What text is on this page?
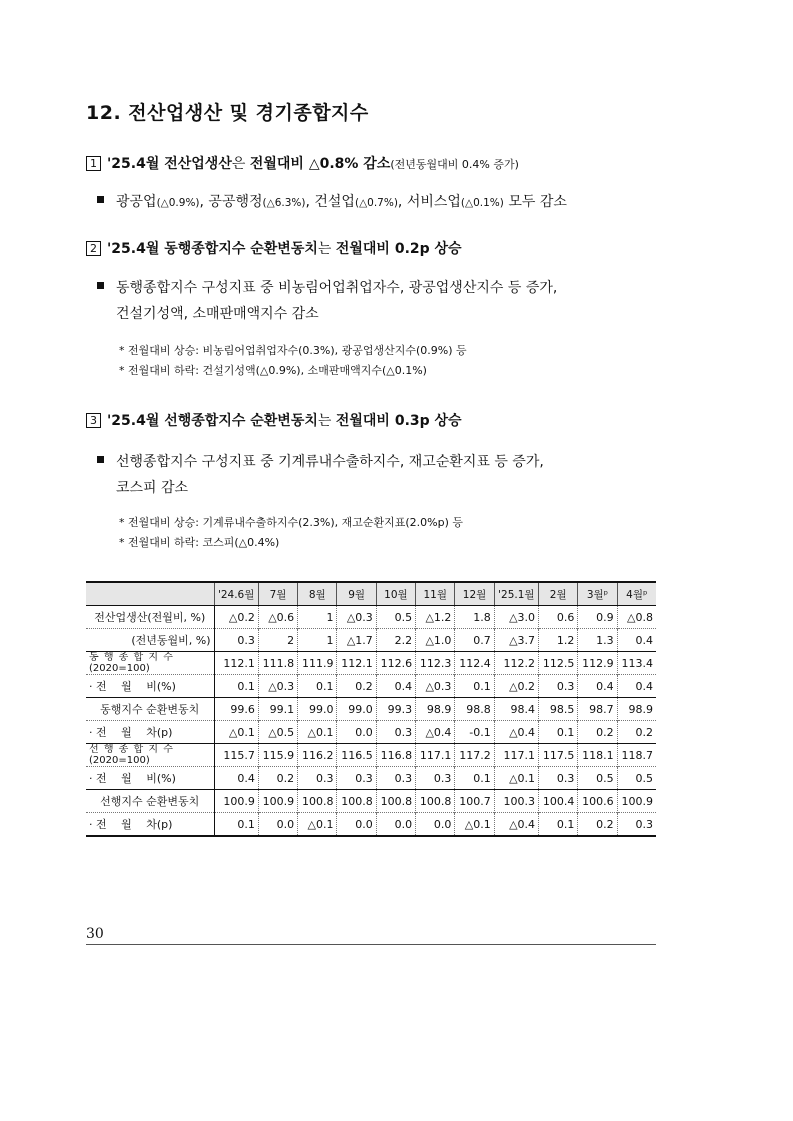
12. 전산업생산 및 경기종합지수
1 '25.4월 전산업생산은 전월대비 △0.8% 감소(전년동월대비 0.4% 증가)
광공업(△0.9%), 공공행정(△6.3%), 건설업(△0.7%), 서비스업(△0.1%) 모두 감소
2 '25.4월 동행종합지수 순환변동치는 전월대비 0.2p 상승
동행종합지수 구성지표 중 비농림어업취업자수, 광공업생산지수 등 증가,
건설기성액, 소매판매액지수 감소
* 전월대비 상승: 비농림어업취업자수(0.3%), 광공업생산지수(0.9%) 등
* 전월대비 하락: 건설기성액(△0.9%), 소매판매액지수(△0.1%)
3 '25.4월 선행종합지수 순환변동치는 전월대비 0.3p 상승
선행종합지수 구성지표 중 기계류내수출하지수, 재고순환지표 등 증가,
코스피 감소
* 전월대비 상승: 기계류내수출하지수(2.3%), 재고순환지표(2.0%p) 등
* 전월대비 하락: 코스피(△0.4%)
	'24.6월	7월	8월	9월	10월	11월	12월	'25.1월	2월	3월ᵖ	4월ᵖ
전산업생산(전월비, %)	△0.2	△0.6	1	△0.3	0.5	△1.2	1.8	△3.0	0.6	0.9	△0.8
(전년동월비, %)	0.3	2	1	△1.7	2.2	△1.0	0.7	△3.7	1.2	1.3	0.4

동 행 종 합 지 수
(2020=100)	112.1	111.8	111.9	112.1	112.6	112.3	112.4	112.2	112.5	112.9	113.4
· 전　 월　 비(%)	0.1	△0.3	0.1	0.2	0.4	△0.3	0.1	△0.2	0.3	0.4	0.4
동행지수 순환변동치	99.6	99.1	99.0	99.0	99.3	98.9	98.8	98.4	98.5	98.7	98.9
· 전　 월　 차(p)	△0.1	△0.5	△0.1	0.0	0.3	△0.4	-0.1	△0.4	0.1	0.2	0.2

선 행 종 합 지 수
(2020=100)	115.7	115.9	116.2	116.5	116.8	117.1	117.2	117.1	117.5	118.1	118.7
· 전　 월　 비(%)	0.4	0.2	0.3	0.3	0.3	0.3	0.1	△0.1	0.3	0.5	0.5
선행지수 순환변동치	100.9	100.9	100.8	100.8	100.8	100.8	100.7	100.3	100.4	100.6	100.9
· 전　 월　 차(p)	0.1	0.0	△0.1	0.0	0.0	0.0	△0.1	△0.4	0.1	0.2	0.3
30
